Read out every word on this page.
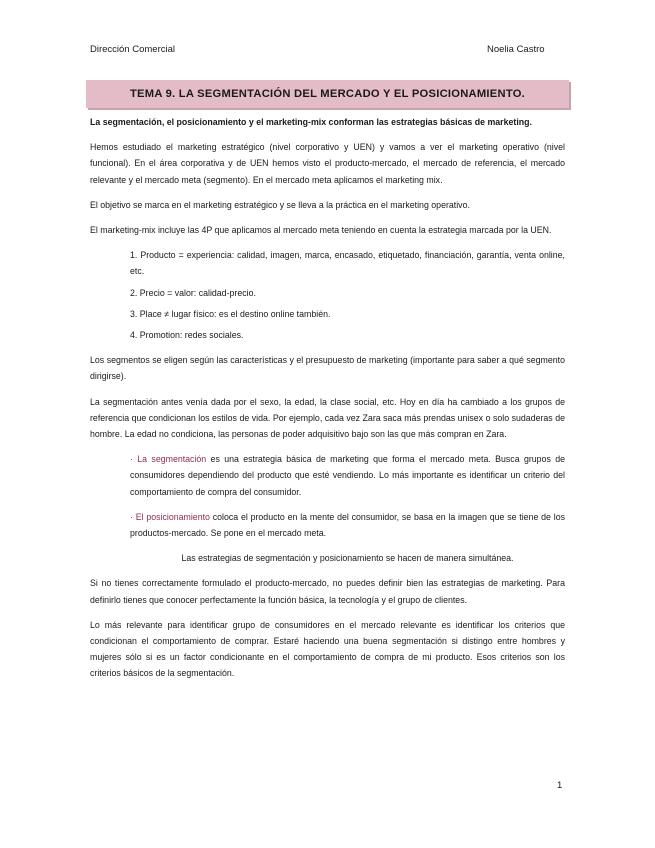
Dirección Comercial	Noelia Castro
TEMA 9. LA SEGMENTACIÓN DEL MERCADO Y EL POSICIONAMIENTO.

La segmentación, el posicionamiento y el marketing-mix conforman las estrategias básicas de marketing.

Hemos estudiado el marketing estratégico (nivel corporativo y UEN) y vamos a ver el marketing operativo (nivel funcional). En el área corporativa y de UEN hemos visto el producto-mercado, el mercado de referencia, el mercado relevante y el mercado meta (segmento). En el mercado meta aplicamos el marketing mix.

El objetivo se marca en el marketing estratégico y se lleva a la práctica en el marketing operativo.

El marketing-mix incluye las 4P que aplicamos al mercado meta teniendo en cuenta la estrategia marcada por la UEN.

1. Producto = experiencia: calidad, imagen, marca, encasado, etiquetado, financiación, garantía, venta online, etc.
2. Precio = valor: calidad-precio.
3. Place ≠ lugar físico: es el destino online también.
4. Promotion: redes sociales.

Los segmentos se eligen según las características y el presupuesto de marketing (importante para saber a qué segmento dirigirse).

La segmentación antes venía dada por el sexo, la edad, la clase social, etc. Hoy en día ha cambiado a los grupos de referencia que condicionan los estilos de vida. Por ejemplo, cada vez Zara saca más prendas unisex o solo sudaderas de hombre. La edad no condiciona, las personas de poder adquisitivo bajo son las que más compran en Zara.

· La segmentación es una estrategia básica de marketing que forma el mercado meta. Busca grupos de consumidores dependiendo del producto que esté vendiendo. Lo más importante es identificar un criterio del comportamiento de compra del consumidor.

· El posicionamiento coloca el producto en la mente del consumidor, se basa en la imagen que se tiene de los productos-mercado. Se pone en el mercado meta.

Las estrategias de segmentación y posicionamiento se hacen de manera simultánea.

Si no tienes correctamente formulado el producto-mercado, no puedes definir bien las estrategias de marketing. Para definirlo tienes que conocer perfectamente la función básica, la tecnología y el grupo de clientes.

Lo más relevante para identificar grupo de consumidores en el mercado relevante es identificar los criterios que condicionan el comportamiento de comprar. Estaré haciendo una buena segmentación si distingo entre hombres y mujeres sólo si es un factor condicionante en el comportamiento de compra de mi producto. Esos criterios son los criterios básicos de la segmentación.

1
